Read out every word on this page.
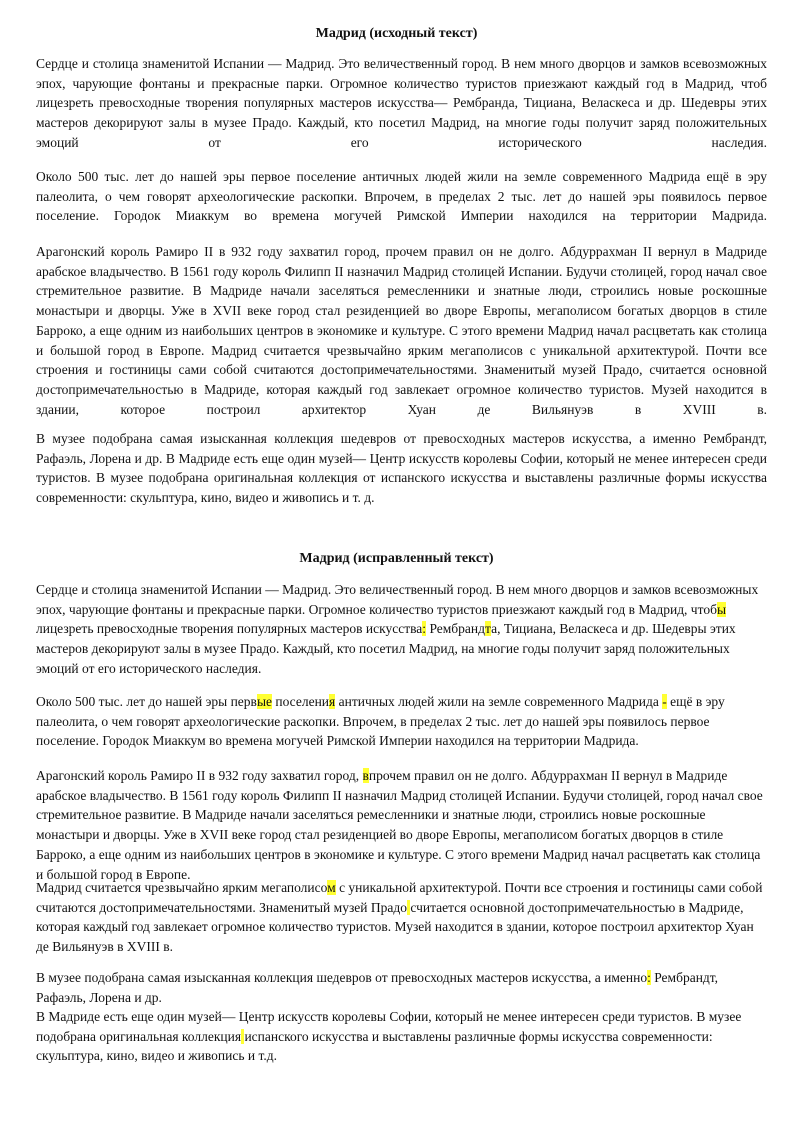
Мадрид (исходный текст)

Сердце и столица знаменитой Испании — Мадрид. Это величественный город. В нем много дворцов и замков всевозможных эпох, чарующие фонтаны и прекрасные парки. Огромное количество туристов приезжают каждый год в Мадрид, чтоб лицезреть превосходные творения популярных мастеров искусства— Рембранда, Тициана, Веласкеса и др. Шедевры этих мастеров декорируют залы в музее Прадо. Каждый, кто посетил Мадрид, на многие годы получит заряд положительных эмоций от его исторического наследия.

Около 500 тыс. лет до нашей эры первое поселение античных людей жили на земле современного Мадрида ещё в эру палеолита, о чем говорят археологические раскопки. Впрочем, в пределах 2 тыс. лет до нашей эры появилось первое поселение. Городок Миаккум во времена могучей Римской Империи находился на территории Мадрида.

Арагонский король Рамиро II в 932 году захватил город, прочем правил он не долго. Абдуррахман II вернул в Мадриде арабское владычество. В 1561 году король Филипп II назначил Мадрид столицей Испании. Будучи столицей, город начал свое стремительное развитие. В Мадриде начали заселяться ремесленники и знатные люди, строились новые роскошные монастыри и дворцы. Уже в XVII веке город стал резиденцией во дворе Европы, мегаполисом богатых дворцов в стиле Барроко, а еще одним из наибольших центров в экономике и культуре. С этого времени Мадрид начал расцветать как столица и большой город в Европе. Мадрид считается чрезвычайно ярким мегаполисов с уникальной архитектурой. Почти все строения и гостиницы сами собой считаются достопримечательностями. Знаменитый музей Прадо, считается основной достопримечательностью в Мадриде, которая каждый год завлекает огромное количество туристов. Музей находится в здании, которое построил архитектор Хуан де Вильянуэв в XVIII в.

В музее подобрана самая изысканная коллекция шедевров от превосходных мастеров искусства, а именно Рембрандт, Рафаэль, Лорена и др. В Мадриде есть еще один музей— Центр искусств королевы Софии, который не менее интересен среди туристов. В музее подобрана оригинальная коллекция от испанского искусства и выставлены различные формы искусства современности: скульптура, кино, видео и живопись и т. д.

Мадрид (исправленный текст)

Сердце и столица знаменитой Испании — Мадрид. Это величественный город. В нем много дворцов и замков всевозможных эпох, чарующие фонтаны и прекрасные парки. Огромное количество туристов приезжают каждый год в Мадрид, чтобы лицезреть превосходные творения популярных мастеров искусства: Рембрандта, Тициана, Веласкеса и др. Шедевры этих мастеров декорируют залы в музее Прадо. Каждый, кто посетил Мадрид, на многие годы получит заряд положительных эмоций от его исторического наследия.

Около 500 тыс. лет до нашей эры первые поселения античных людей жили на земле современного Мадрида - ещё в эру палеолита, о чем говорят археологические раскопки. Впрочем, в пределах 2 тыс. лет до нашей эры появилось первое поселение. Городок Миаккум во времена могучей Римской Империи находился на территории Мадрида.

Арагонский король Рамиро II в 932 году захватил город, впрочем правил он не долго. Абдуррахман II вернул в Мадриде арабское владычество. В 1561 году король Филипп II назначил Мадрид столицей Испании. Будучи столицей, город начал свое стремительное развитие. В Мадриде начали заселяться ремесленники и знатные люди, строились новые роскошные монастыри и дворцы. Уже в XVII веке город стал резиденцией во дворе Европы, мегаполисом богатых дворцов в стиле Барроко, а еще одним из наибольших центров в экономике и культуре. С этого времени Мадрид начал расцветать как столица и большой город в Европе.

Мадрид считается чрезвычайно ярким мегаполисом с уникальной архитектурой. Почти все строения и гостиницы сами собой считаются достопримечательностями. Знаменитый музей Прадо считается основной достопримечательностью в Мадриде, которая каждый год завлекает огромное количество туристов. Музей находится в здании, которое построил архитектор Хуан де Вильянуэв в XVIII в.

В музее подобрана самая изысканная коллекция шедевров от превосходных мастеров искусства, а именно: Рембрандт, Рафаэль, Лорена и др.

В Мадриде есть еще один музей— Центр искусств королевы Софии, который не менее интересен среди туристов. В музее подобрана оригинальная коллекция испанского искусства и выставлены различные формы искусства современности: скульптура, кино, видео и живопись и т.д.
